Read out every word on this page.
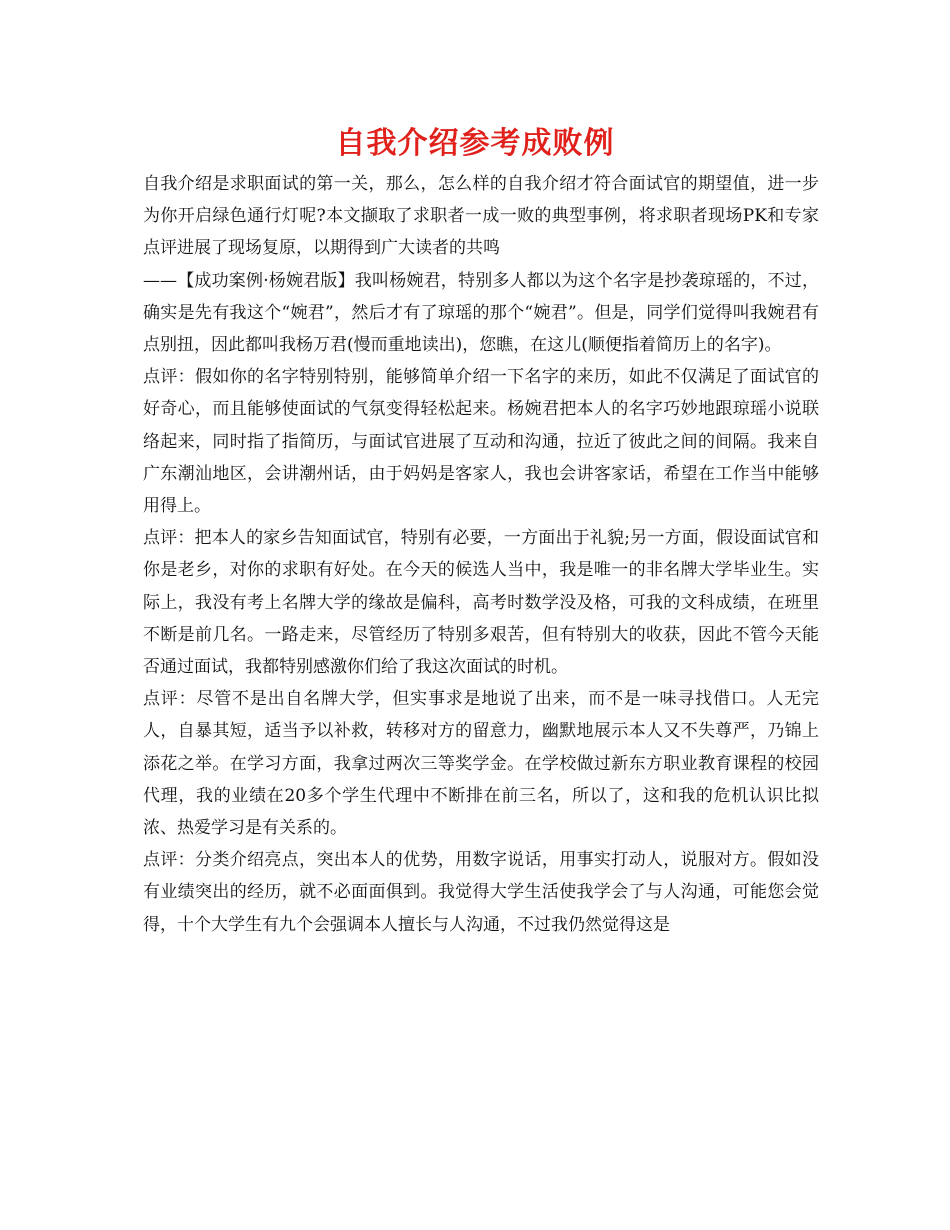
自我介绍参考成败例

自我介绍是求职面试的第一关，那么，怎么样的自我介绍才符合面试官的期望值，进一步为你开启绿色通行灯呢?本文撷取了求职者一成一败的典型事例，将求职者现场PK和专家点评进展了现场复原，以期得到广大读者的共鸣

——【成功案例·杨婉君版】我叫杨婉君，特别多人都以为这个名字是抄袭琼瑶的，不过，确实是先有我这个“婉君”，然后才有了琼瑶的那个“婉君”。但是，同学们觉得叫我婉君有点别扭，因此都叫我杨万君(慢而重地读出)，您瞧，在这儿(顺便指着简历上的名字)。

点评：假如你的名字特别特别，能够简单介绍一下名字的来历，如此不仅满足了面试官的好奇心，而且能够使面试的气氛变得轻松起来。杨婉君把本人的名字巧妙地跟琼瑶小说联络起来，同时指了指简历，与面试官进展了互动和沟通，拉近了彼此之间的间隔。我来自广东潮汕地区，会讲潮州话，由于妈妈是客家人，我也会讲客家话，希望在工作当中能够用得上。

点评：把本人的家乡告知面试官，特别有必要，一方面出于礼貌;另一方面，假设面试官和你是老乡，对你的求职有好处。在今天的候选人当中，我是唯一的非名牌大学毕业生。实际上，我没有考上名牌大学的缘故是偏科，高考时数学没及格，可我的文科成绩，在班里不断是前几名。一路走来，尽管经历了特别多艰苦，但有特别大的收获，因此不管今天能否通过面试，我都特别感激你们给了我这次面试的时机。

点评：尽管不是出自名牌大学，但实事求是地说了出来，而不是一味寻找借口。人无完人，自暴其短，适当予以补救，转移对方的留意力，幽默地展示本人又不失尊严，乃锦上添花之举。在学习方面，我拿过两次三等奖学金。在学校做过新东方职业教育课程的校园代理，我的业绩在20多个学生代理中不断排在前三名，所以了，这和我的危机认识比拟浓、热爱学习是有关系的。

点评：分类介绍亮点，突出本人的优势，用数字说话，用事实打动人，说服对方。假如没有业绩突出的经历，就不必面面俱到。我觉得大学生活使我学会了与人沟通，可能您会觉得，十个大学生有九个会强调本人擅长与人沟通，不过我仍然觉得这是
